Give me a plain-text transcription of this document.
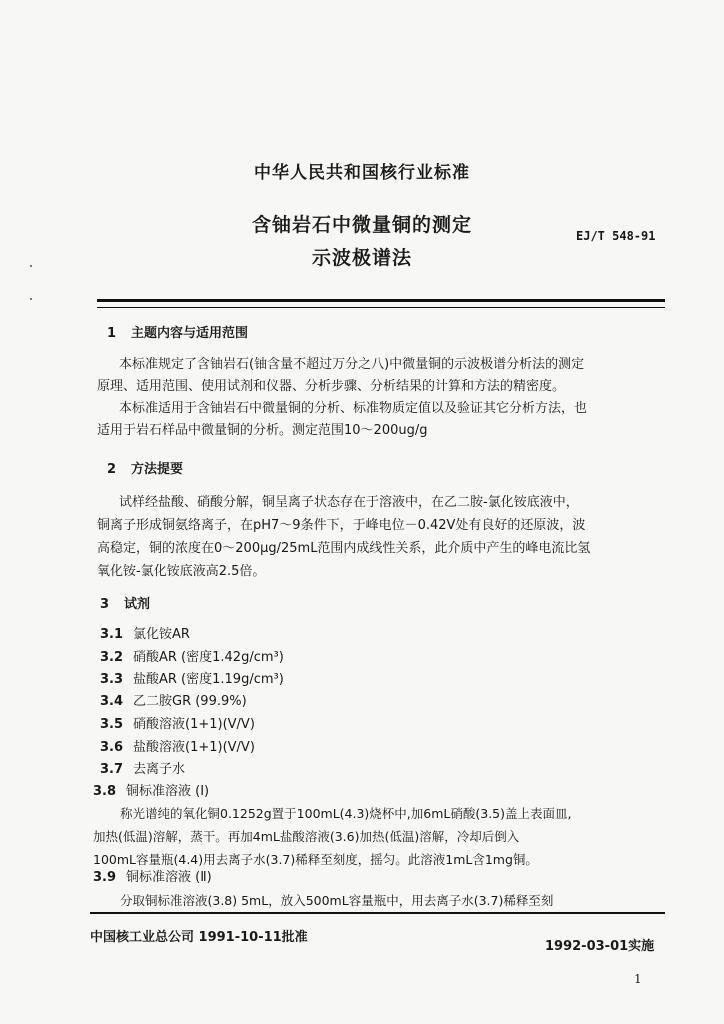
中华人民共和国核行业标准
含铀岩石中微量铜的测定
示波极谱法
EJ/T 548-91
1 主题内容与适用范围
本标准规定了含铀岩石(铀含量不超过万分之八)中微量铜的示波极谱分析法的测定
原理、适用范围、使用试剂和仪器、分析步骤、分析结果的计算和方法的精密度。
本标准适用于含铀岩石中微量铜的分析、标准物质定值以及验证其它分析方法，也
适用于岩石样品中微量铜的分析。测定范围10～200ug/g
2 方法提要
试样经盐酸、硝酸分解，铜呈离子状态存在于溶液中，在乙二胺-氯化铵底液中，
铜离子形成铜氨络离子，在pH7～9条件下，于峰电位－0.42V处有良好的还原波，波
高稳定，铜的浓度在0～200μg/25mL范围内成线性关系，此介质中产生的峰电流比氢
氧化铵-氯化铵底液高2.5倍。
3 试剂
3.1 氯化铵AR
3.2 硝酸AR (密度1.42g/cm³)
3.3 盐酸AR (密度1.19g/cm³)
3.4 乙二胺GR (99.9%)
3.5 硝酸溶液(1+1)(V/V)
3.6 盐酸溶液(1+1)(V/V)
3.7 去离子水
3.8 铜标准溶液 (Ⅰ)
称光谱纯的氧化铜0.1252g置于100mL(4.3)烧杯中,加6mL硝酸(3.5)盖上表面皿,
加热(低温)溶解，蒸干。再加4mL盐酸溶液(3.6)加热(低温)溶解，冷却后倒入
100mL容量瓶(4.4)用去离子水(3.7)稀释至刻度，摇匀。此溶液1mL含1mg铜。
3.9 铜标准溶液 (Ⅱ)
分取铜标准溶液(3.8) 5mL，放入500mL容量瓶中，用去离子水(3.7)稀释至刻
中国核工业总公司 1991-10-11批准
1992-03-01实施
1
